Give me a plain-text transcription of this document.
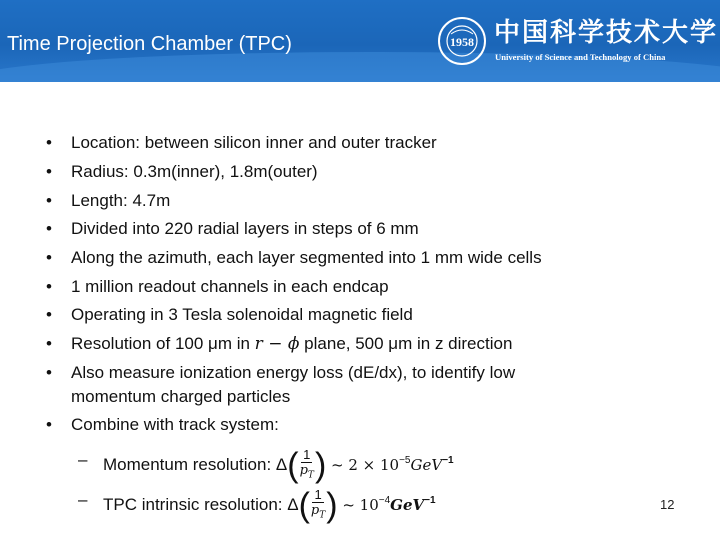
Time Projection Chamber (TPC)	1958 中国科学技术大学
University of Science and Technology of China
• Location: between silicon inner and outer tracker
• Radius: 0.3m(inner), 1.8m(outer)
• Length: 4.7m
• Divided into 220 radial layers in steps of 6 mm
• Along the azimuth, each layer segmented into 1 mm wide cells
• 1 million readout channels in each endcap
• Operating in 3 Tesla solenoidal magnetic field
• Resolution of 100 μm in r − ϕ plane, 500 μm in z direction
• Also measure ionization energy loss (dE/dx), to identify low
momentum charged particles
• Combine with track system:
– Momentum resolution: $\Delta( \frac{1}{p_T}$ ) ~ $2 \times 10^{-5}GeV^{-1}$
– TPC intrinsic resolution: $\Delta( \frac{1}{p_T}$ ) ~ $10^{-4}GeV^{-1}$	12
